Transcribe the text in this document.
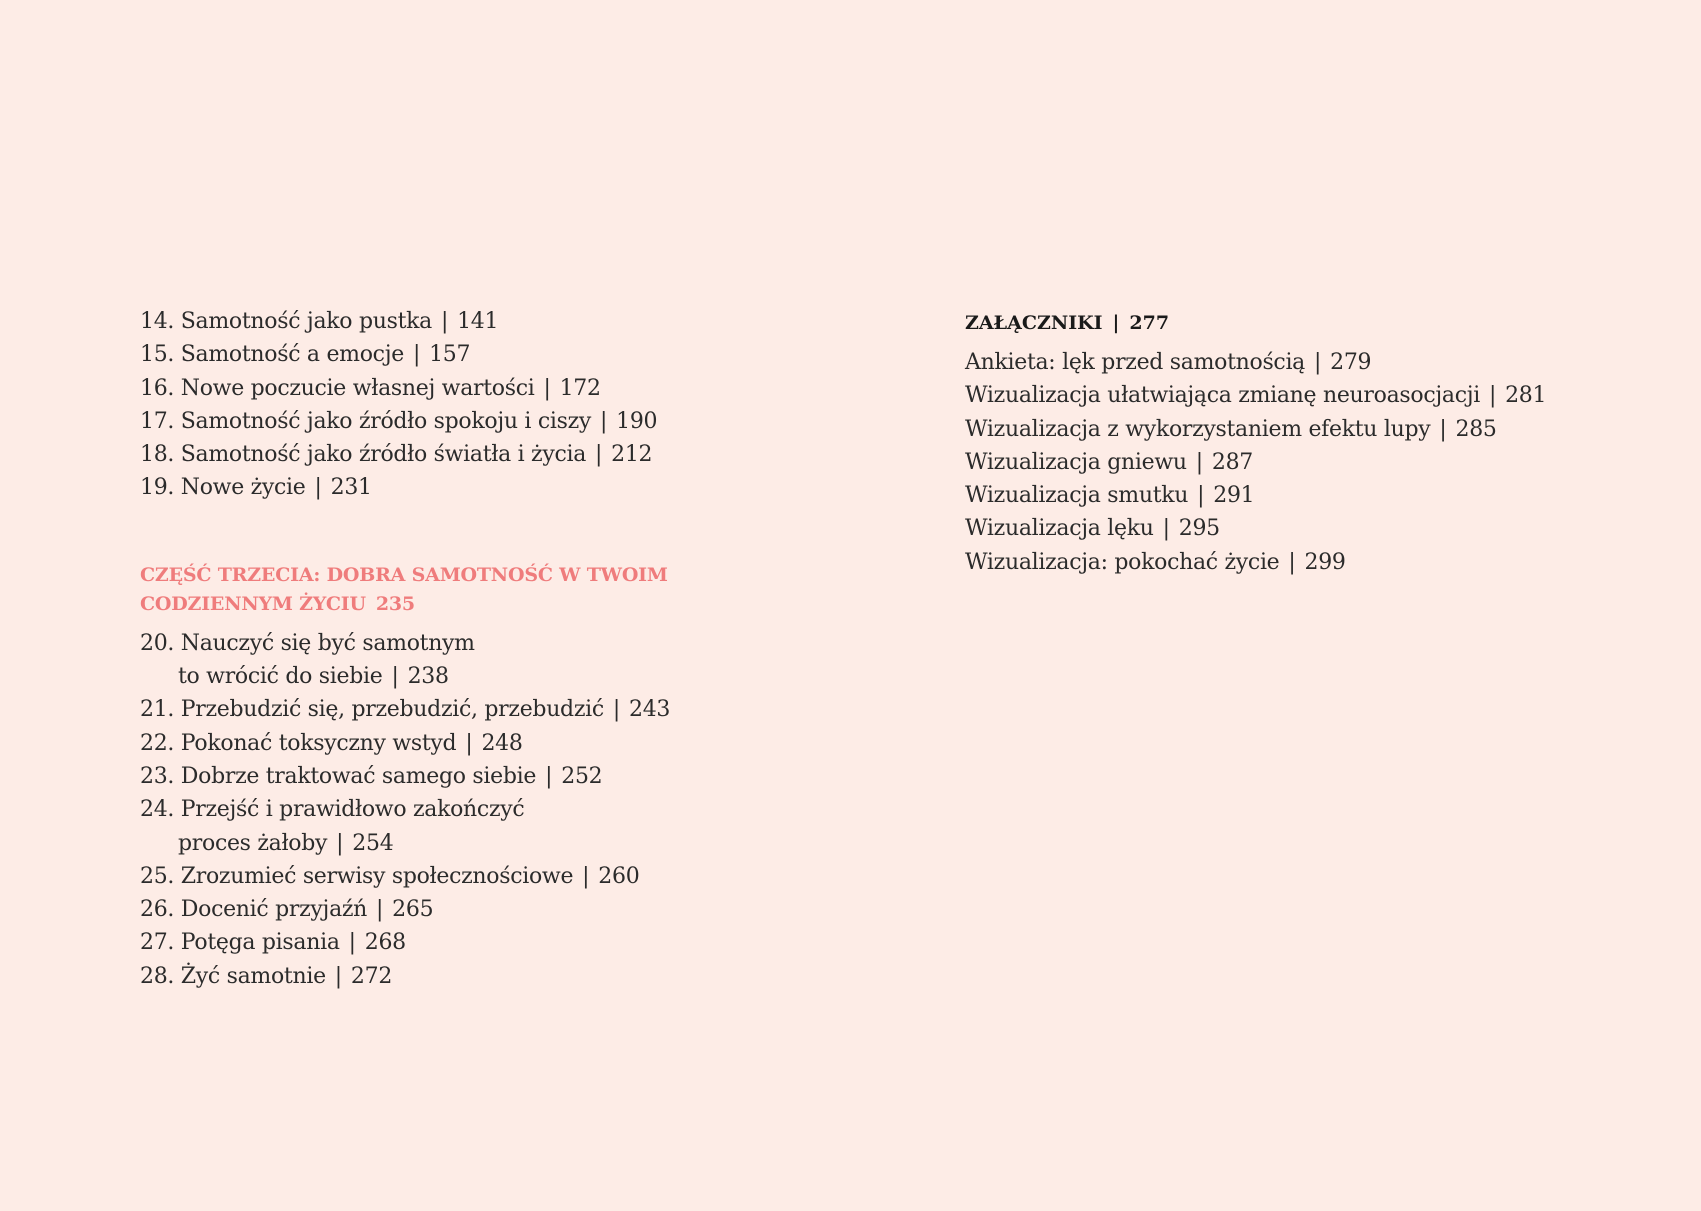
14. Samotność jako pustka | 141
15. Samotność a emocje | 157
16. Nowe poczucie własnej wartości | 172
17. Samotność jako źródło spokoju i ciszy | 190
18. Samotność jako źródło światła i życia | 212
19. Nowe życie | 231
CZĘŚĆ TRZECIA: DOBRA SAMOTNOŚĆ W TWOIM
CODZIENNYM ŻYCIU 235
20. Nauczyć się być samotnym
to wrócić do siebie | 238
21. Przebudzić się, przebudzić, przebudzić | 243
22. Pokonać toksyczny wstyd | 248
23. Dobrze traktować samego siebie | 252
24. Przejść i prawidłowo zakończyć
proces żałoby | 254
25. Zrozumieć serwisy społecznościowe | 260
26. Docenić przyjaźń | 265
27. Potęga pisania | 268
28. Żyć samotnie | 272
ZAŁĄCZNIKI | 277
Ankieta: lęk przed samotnością | 279
Wizualizacja ułatwiająca zmianę neuroasocjacji | 281
Wizualizacja z wykorzystaniem efektu lupy | 285
Wizualizacja gniewu | 287
Wizualizacja smutku | 291
Wizualizacja lęku | 295
Wizualizacja: pokochać życie | 299
